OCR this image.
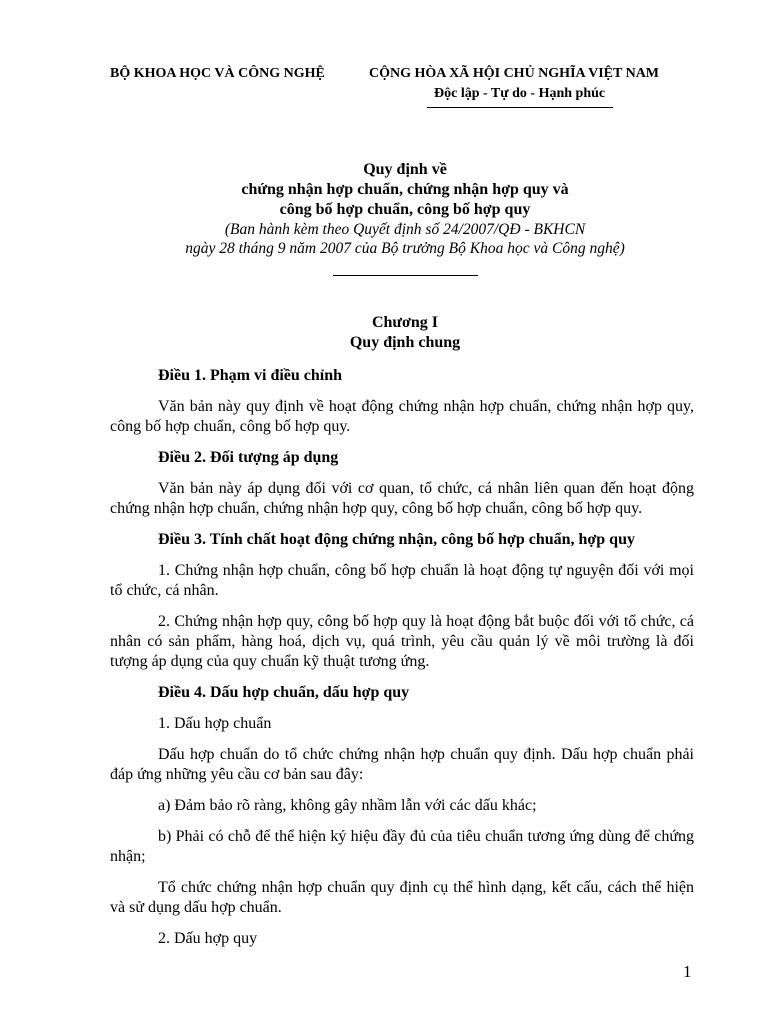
BỘ KHOA HỌC VÀ CÔNG NGHỆ	CỘNG HÒA XÃ HỘI CHỦ NGHĨA VIỆT NAM
Độc lập - Tự do - Hạnh phúc
Quy định về
chứng nhận hợp chuẩn, chứng nhận hợp quy và
công bố hợp chuẩn, công bố hợp quy
(Ban hành kèm theo Quyết định số 24/2007/QĐ - BKHCN
ngày 28 tháng 9 năm 2007 của Bộ trưởng Bộ Khoa học và Công nghệ)
Chương I
Quy định chung

Điều 1. Phạm vi điều chỉnh

Văn bản này quy định về hoạt động chứng nhận hợp chuẩn, chứng nhận hợp quy, công bố hợp chuẩn, công bố hợp quy.

Điều 2. Đối tượng áp dụng

Văn bản này áp dụng đối với cơ quan, tổ chức, cá nhân liên quan đến hoạt động chứng nhận hợp chuẩn, chứng nhận hợp quy, công bố hợp chuẩn, công bố hợp quy.

Điều 3. Tính chất hoạt động chứng nhận, công bố hợp chuẩn, hợp quy

1. Chứng nhận hợp chuẩn, công bố hợp chuẩn là hoạt động tự nguyện đối với mọi tổ chức, cá nhân.

2. Chứng nhận hợp quy, công bố hợp quy là hoạt động bắt buộc đối với tổ chức, cá nhân có sản phẩm, hàng hoá, dịch vụ, quá trình, yêu cầu quản lý về môi trường là đối tượng áp dụng của quy chuẩn kỹ thuật tương ứng.

Điều 4. Dấu hợp chuẩn, dấu hợp quy

1. Dấu hợp chuẩn

Dấu hợp chuẩn do tổ chức chứng nhận hợp chuẩn quy định. Dấu hợp chuẩn phải đáp ứng những yêu cầu cơ bản sau đây:

a) Đảm bảo rõ ràng, không gây nhầm lẫn với các dấu khác;

b) Phải có chỗ để thể hiện ký hiệu đầy đủ của tiêu chuẩn tương ứng dùng để chứng nhận;

Tổ chức chứng nhận hợp chuẩn quy định cụ thể hình dạng, kết cấu, cách thể hiện và sử dụng dấu hợp chuẩn.

2. Dấu hợp quy

1
